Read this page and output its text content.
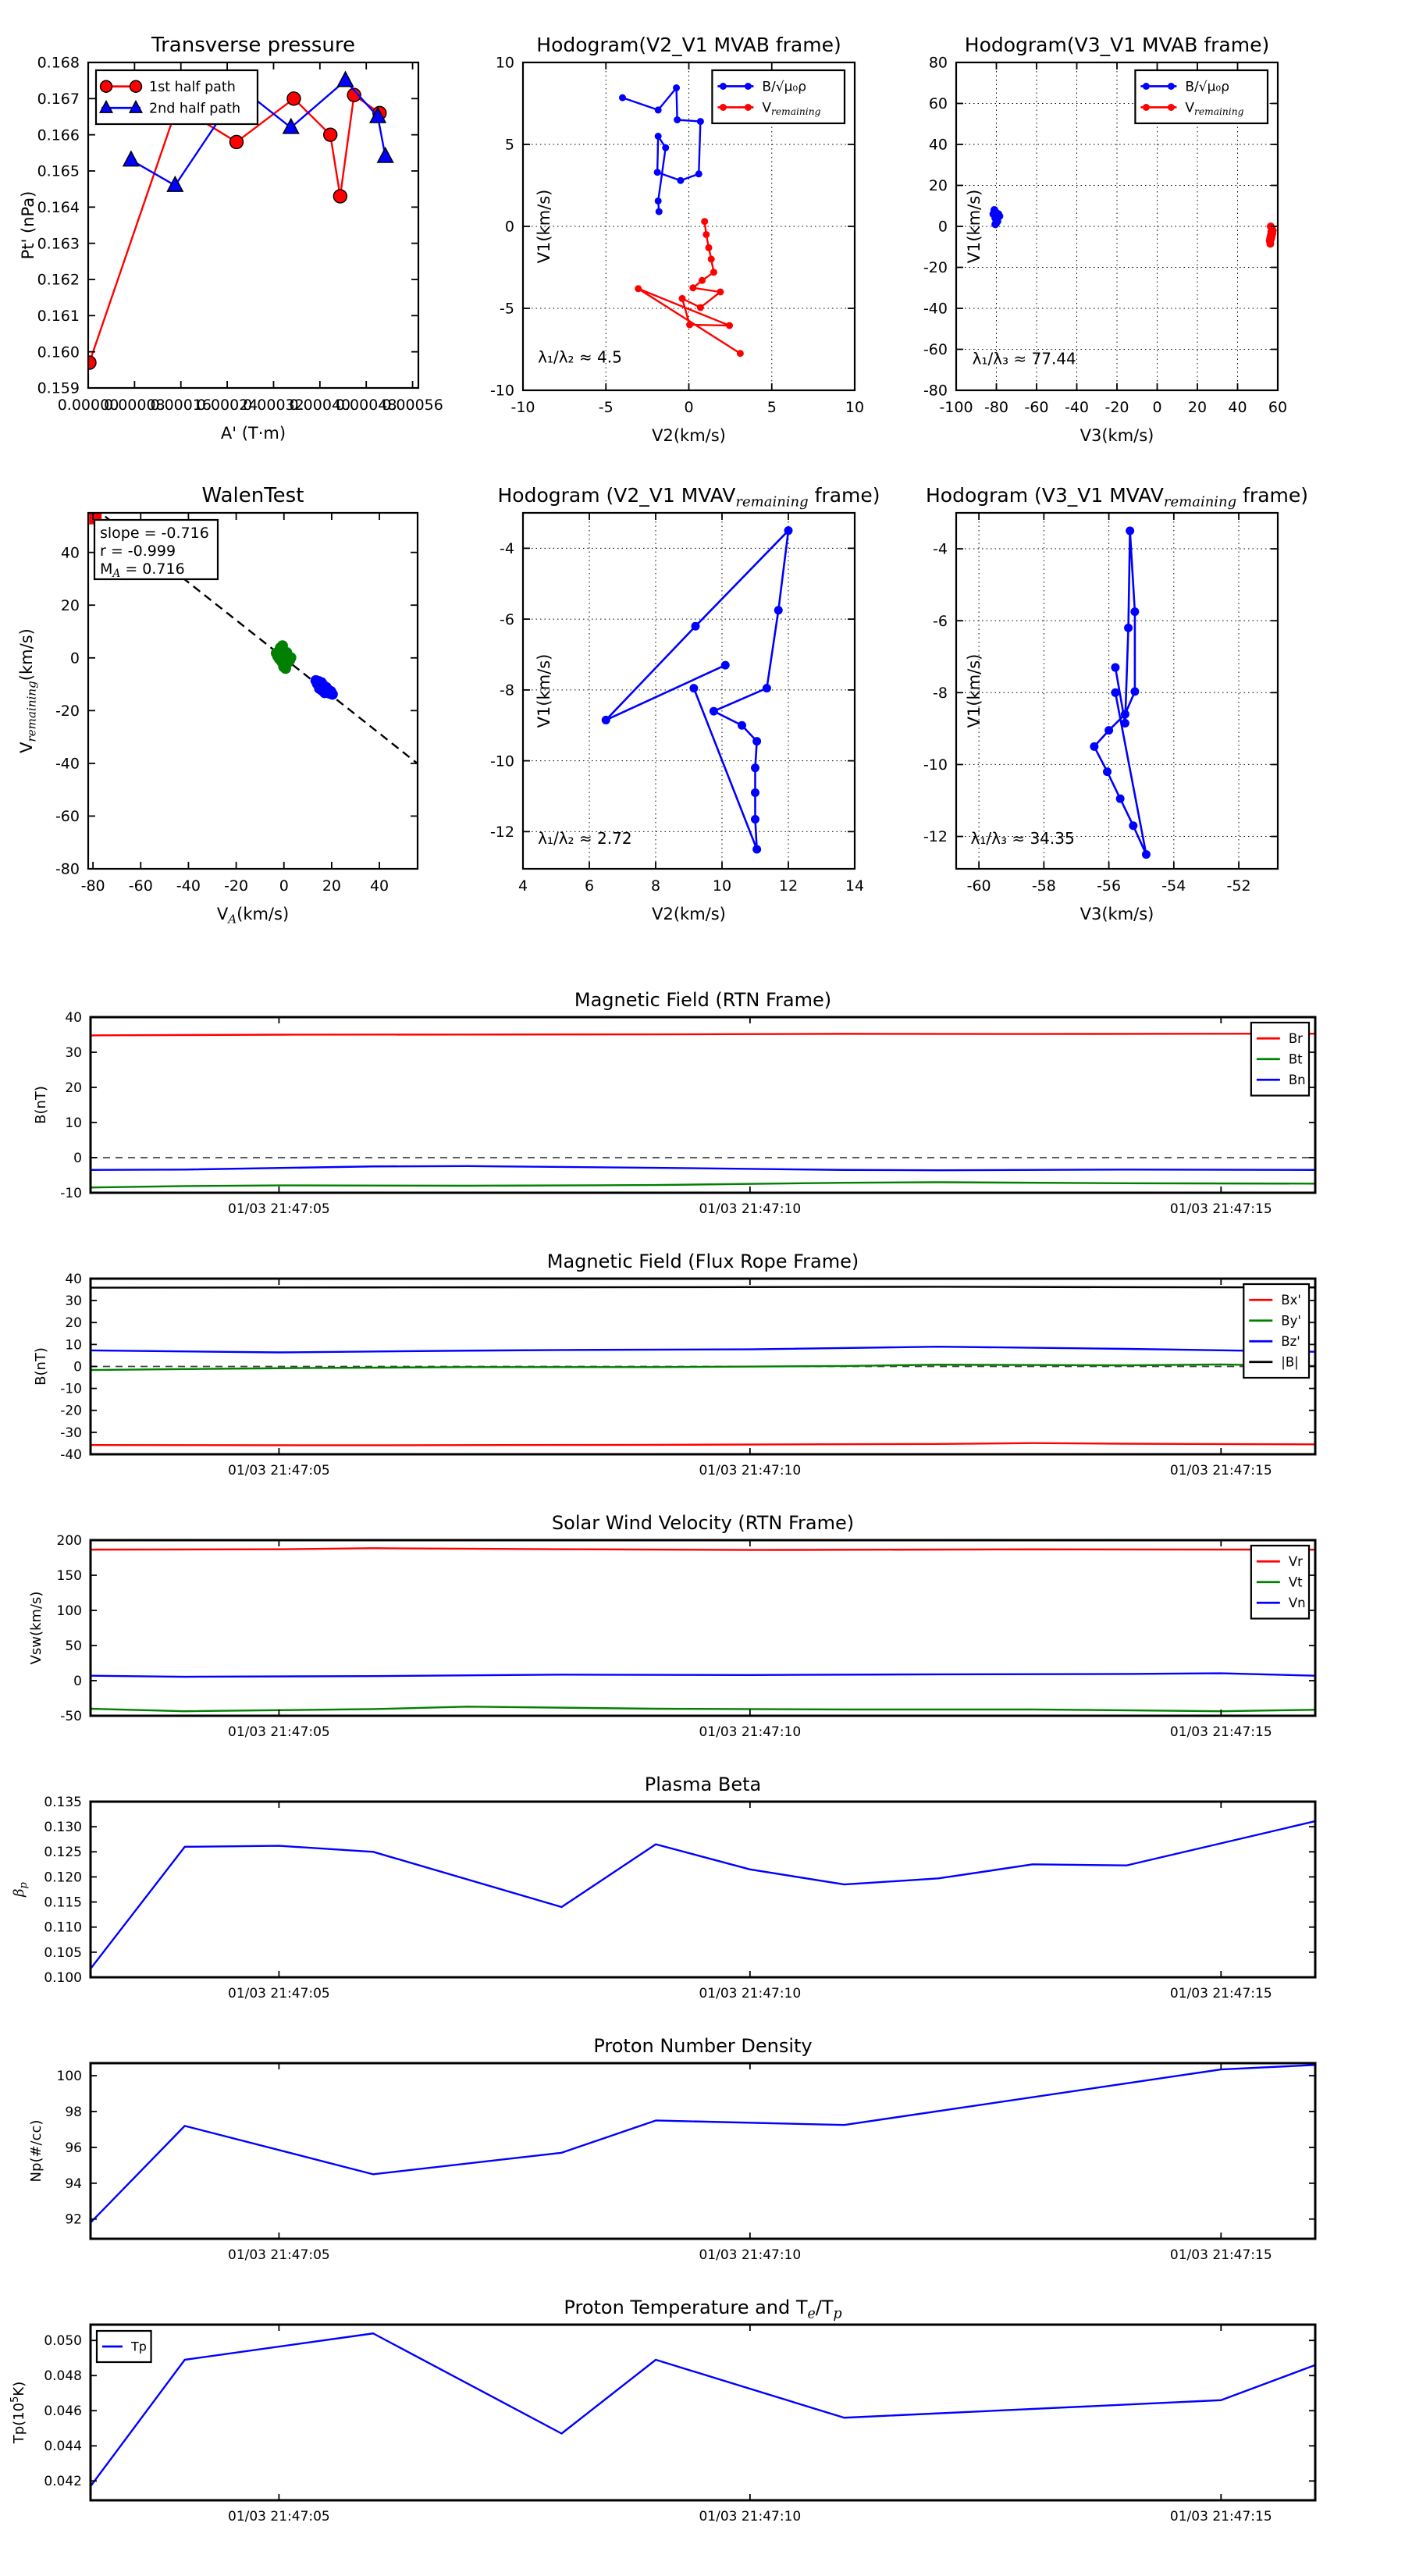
0.00000
0.00008
0.00016
0.00024
0.00032
0.00040
0.00048
0.00056
0.159
0.160
0.161
0.162
0.163
0.164
0.165
0.166
0.167
0.168
Transverse pressure
A' (T·m)
Pt' (nPa)
1st half path
2nd half path
-10	-5	0	5	10
-10
-5
0
5
10
Hodogram(V2_V1 MVAB frame)
V2(km/s)
V1(km/s)
λ₁/λ₂ ≈ 4.5
B/√μ₀ρ
$V_{remaining}$
-100 -80 -60 -40 -20 0 20 40 60
-80
-60
-40
-20
0
20
40
60
80
Hodogram(V3_V1 MVAB frame)
V3(km/s)
V1(km/s)
λ₁/λ₃ ≈ 77.44
B/√μ₀ρ
$V_{remaining}$
slope = -0.716
r = -0.999
$M_A = 0.716$
-80 -60 -40 -20 0 20 40
-80
-60
-40
-20
0
20
40
WalenTest
$V_A(km/s)$
$V_{remaining}(km/s)$
4	6	8	10	12	14
-4
-6
-8
-10
-12
Hodogram (V2_V1 $MVAV_{remaining}$ frame)
V2(km/s)
V1(km/s)
λ₁/λ₂ ≈ 2.72
-60	-58	-56	-54	-52
-4
-6
-8
-10
-12
Hodogram (V3_V1 $MVAV_{remaining}$ frame)
V3(km/s)
V1(km/s)
λ₁/λ₃ ≈ 34.35
01/03 21:47:05	01/03 21:47:10	01/03 21:47:15
-10
0
10
20
30
40
Magnetic Field (RTN Frame)
B(nT)
Br
Bt
Bn
01/03 21:47:05	01/03 21:47:10	01/03 21:47:15
-40
-30
-20
-10
0
10
20
30
40
Magnetic Field (Flux Rope Frame)
B(nT)
Bx'
By'
Bz'
|B|
01/03 21:47:05	01/03 21:47:10	01/03 21:47:15
-50
0
50
100
150
200
Solar Wind Velocity (RTN Frame)
Vsw(km/s)
Vr
Vt
Vn
01/03 21:47:05	01/03 21:47:10	01/03 21:47:15
0.100
0.105
0.110
0.115
0.120
0.125
0.130
0.135
Plasma Beta
$\beta_p$
01/03 21:47:05	01/03 21:47:10	01/03 21:47:15
92
94
96
98
100
Proton Number Density
Np(#/cc)
01/03 21:47:05	01/03 21:47:10	01/03 21:47:15
0.042
0.044
0.046
0.048
0.050
Proton Temperature and $T_e/T_p$
$Tp(10^5K)$
Tp
